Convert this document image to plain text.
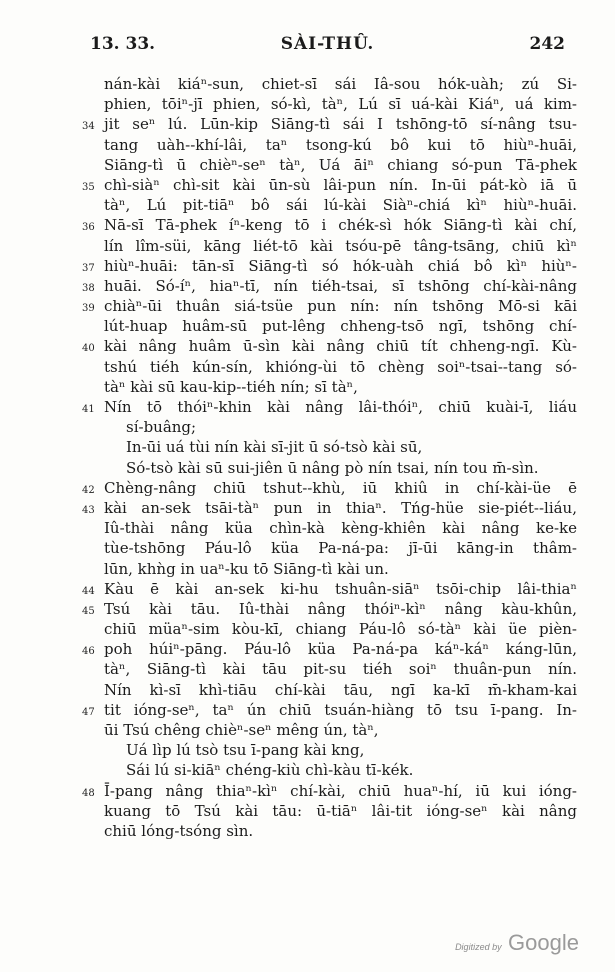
13. 33.	SÀI-THÛ.	242
nán-kài kiáⁿ-sun, chiet-sī sái Iâ-sou hók-uàh; zú Si-
phien, tōiⁿ-jī phien, só-kì, tàⁿ, Lú sī uá-kài Kiáⁿ, uá kim-
34 jit seⁿ lú. Lūn-kip Siāng-tì sái I tshōng-tō sí-nâng tsu-
tang uàh--khí-lâi, taⁿ tsong-kú bô kui tō hiùⁿ-huāi,
Siāng-tì ū chièⁿ-seⁿ tàⁿ, Uá āiⁿ chiang só-pun Tā-phek
35 chì-siàⁿ chì-sit kài ūn-sù lâi-pun nín. In-ūi pát-kò iā ū
tàⁿ, Lú pit-tiāⁿ bô sái lú-kài Siàⁿ-chiá kìⁿ hiùⁿ-huāi.
36 Nā-sī Tā-phek íⁿ-keng tō i chék-sì hók Siāng-tì kài chí,
lín lîm-süi, kāng liét-tō kài tsóu-pē tâng-tsāng, chiū kìⁿ
37 hiùⁿ-huāi: tān-sī Siāng-tì só hók-uàh chiá bô kìⁿ hiùⁿ-
38 huāi. Só-íⁿ, hiaⁿ-tī, nín tiéh-tsai, sī tshōng chí-kài-nâng
39 chiàⁿ-ūi thuân siá-tsüe pun nín: nín tshōng Mō-si kāi
lút-huap huâm-sū put-lêng chheng-tsō ngī, tshōng chí-
40 kài nâng huâm ū-sìn kài nâng chiū tít chheng-ngī. Kù-
tshú tiéh kún-sín, khióng-ùi tō chèng soiⁿ-tsai--tang só-
tàⁿ kài sū kau-kip--tiéh nín; sī tàⁿ,
41 Nín tō thóiⁿ-khin kài nâng lâi-thóiⁿ, chiū kuài-ī, liáu
sí-buâng;
In-ūi uá tùi nín kài sī-jit ū só-tsò kài sū,
Só-tsò kài sū sui-jiên ū nâng pò nín tsai, nín tou m̄-sìn.
42 Chèng-nâng chiū tshut--khù, iū khiû in chí-kài-üe ē
43 kài an-sek tsāi-tàⁿ pun in thiaⁿ. Tńg-hüe sie-piét--liáu,
Iû-thài nâng küa chìn-kà kèng-khiên kài nâng ke-ke
tùe-tshōng Páu-lô küa Pa-ná-pa: jī-ūi kāng-in thâm-
lūn, khǹg in uaⁿ-ku tō Siāng-tì kài un.
44 Kàu ē kài an-sek ki-hu tshuân-siāⁿ tsōi-chip lâi-thiaⁿ
45 Tsú kài tāu. Iû-thài nâng thóiⁿ-kìⁿ nâng kàu-khûn,
chiū müaⁿ-sim kòu-kī, chiang Páu-lô só-tàⁿ kài üe pièn-
46 poh húiⁿ-pāng. Páu-lô küa Pa-ná-pa káⁿ-káⁿ káng-lūn,
tàⁿ, Siāng-tì kài tāu pit-su tiéh soiⁿ thuân-pun nín.
Nín kì-sī khì-tiāu chí-kài tāu, ngī ka-kī m̄-kham-kai
47 tit ióng-seⁿ, taⁿ ún chiū tsuán-hiàng tō tsu ī-pang. In-
ūi Tsú chêng chièⁿ-seⁿ mêng ún, tàⁿ,
Uá lìp lú tsò tsu ī-pang kài kng,
Sái lú si-kiāⁿ chéng-kiù chì-kàu tī-kék.
48 Ī-pang nâng thiaⁿ-kìⁿ chí-kài, chiū huaⁿ-hí, iū kui ióng-
kuang tō Tsú kài tāu: ū-tiāⁿ lâi-tit ióng-seⁿ kài nâng
chiū lóng-tsóng sìn.
Digitized by Google
